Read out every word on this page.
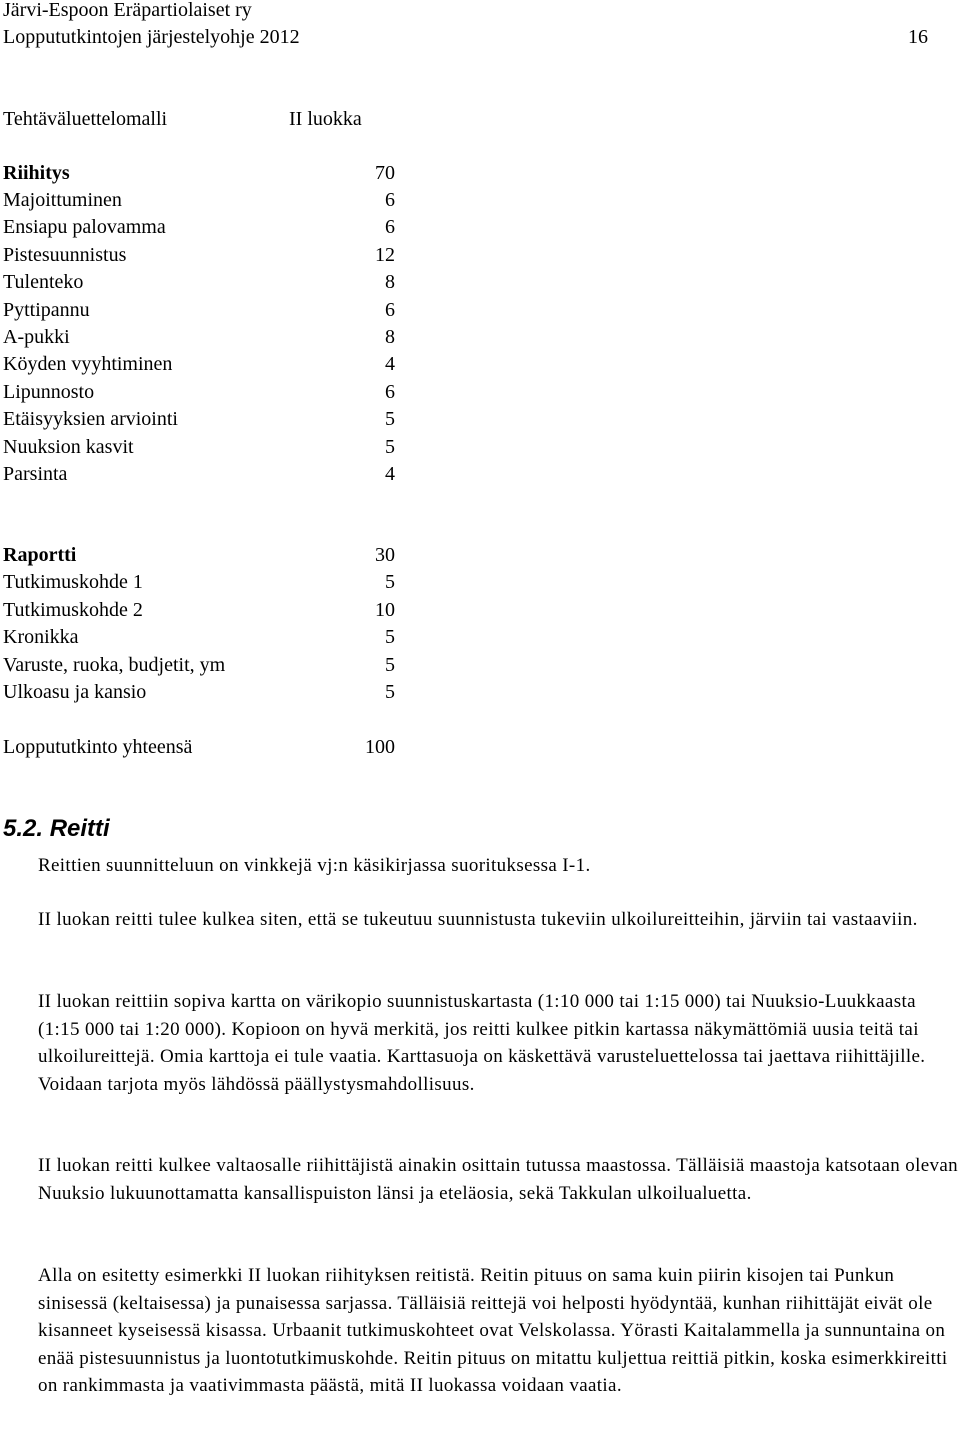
Järvi-Espoon Eräpartiolaiset ry
Loppututkintojen järjestelyohje 2012	16
Tehtäväluettelomalli	II luokka
Riihitys	70
Majoittuminen	6
Ensiapu palovamma	6
Pistesuunnistus	12
Tulenteko	8
Pyttipannu	6
A-pukki	8
Köyden vyyhtiminen	4
Lipunnosto	6
Etäisyyksien arviointi	5
Nuuksion kasvit	5
Parsinta	4
Raportti	30
Tutkimuskohde 1	5
Tutkimuskohde 2	10
Kronikka	5
Varuste, ruoka, budjetit, ym	5
Ulkoasu ja kansio	5
Loppututkinto yhteensä	100
5.2. Reitti

Reittien suunnitteluun on vinkkejä vj:n käsikirjassa suorituksessa I-1.

II luokan reitti tulee kulkea siten, että se tukeutuu suunnistusta tukeviin ulkoilureitteihin, järviin tai vastaaviin.

II luokan reittiin sopiva kartta on värikopio suunnistuskartasta (1:10 000 tai 1:15 000) tai Nuuksio-Luukkaasta (1:15 000 tai 1:20 000). Kopioon on hyvä merkitä, jos reitti kulkee pitkin kartassa näkymättömiä uusia teitä tai ulkoilureittejä. Omia karttoja ei tule vaatia. Karttasuoja on käskettävä varusteluettelossa tai jaettava riihittäjille. Voidaan tarjota myös lähdössä päällystysmahdollisuus.

II luokan reitti kulkee valtaosalle riihittäjistä ainakin osittain tutussa maastossa. Tälläisiä maastoja katsotaan olevan Nuuksio lukuunottamatta kansallispuiston länsi ja eteläosia, sekä Takkulan ulkoilualuetta.

Alla on esitetty esimerkki II luokan riihityksen reitistä. Reitin pituus on sama kuin piirin kisojen tai Punkun sinisessä (keltaisessa) ja punaisessa sarjassa. Tälläisiä reittejä voi helposti hyödyntää, kunhan riihittäjät eivät ole kisanneet kyseisessä kisassa. Urbaanit tutkimuskohteet ovat Velskolassa. Yörasti Kaitalammella ja sunnuntaina on enää pistesuunnistus ja luontotutkimuskohde. Reitin pituus on mitattu kuljettua reittiä pitkin, koska esimerkkireitti on rankimmasta ja vaativimmasta päästä, mitä II luokassa voidaan vaatia.
